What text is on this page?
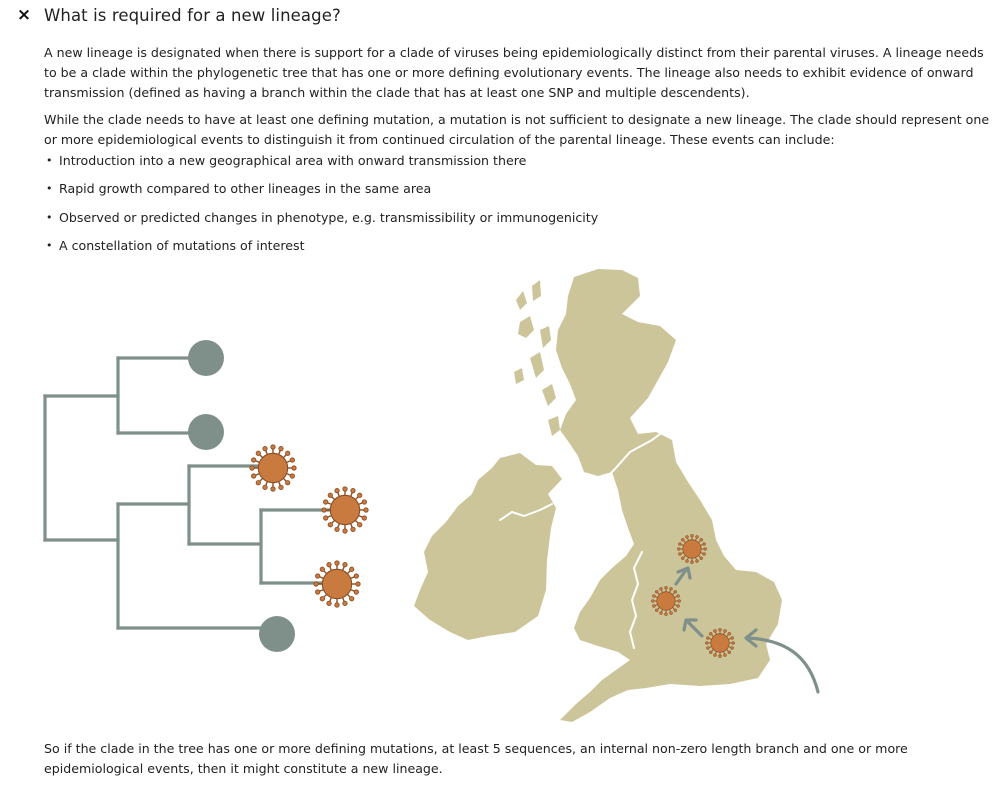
× What is required for a new lineage?

A new lineage is designated when there is support for a clade of viruses being epidemiologically distinct from their parental viruses. A lineage needs to be a clade within the phylogenetic tree that has one or more defining evolutionary events. The lineage also needs to exhibit evidence of onward transmission (defined as having a branch within the clade that has at least one SNP and multiple descendents).

While the clade needs to have at least one defining mutation, a mutation is not sufficient to designate a new lineage. The clade should represent one or more epidemiological events to distinguish it from continued circulation of the parental lineage. These events can include:

• Introduction into a new geographical area with onward transmission there
• Rapid growth compared to other lineages in the same area
• Observed or predicted changes in phenotype, e.g. transmissibility or immunogenicity
• A constellation of mutations of interest

So if the clade in the tree has one or more defining mutations, at least 5 sequences, an internal non-zero length branch and one or more epidemiological events, then it might constitute a new lineage.
